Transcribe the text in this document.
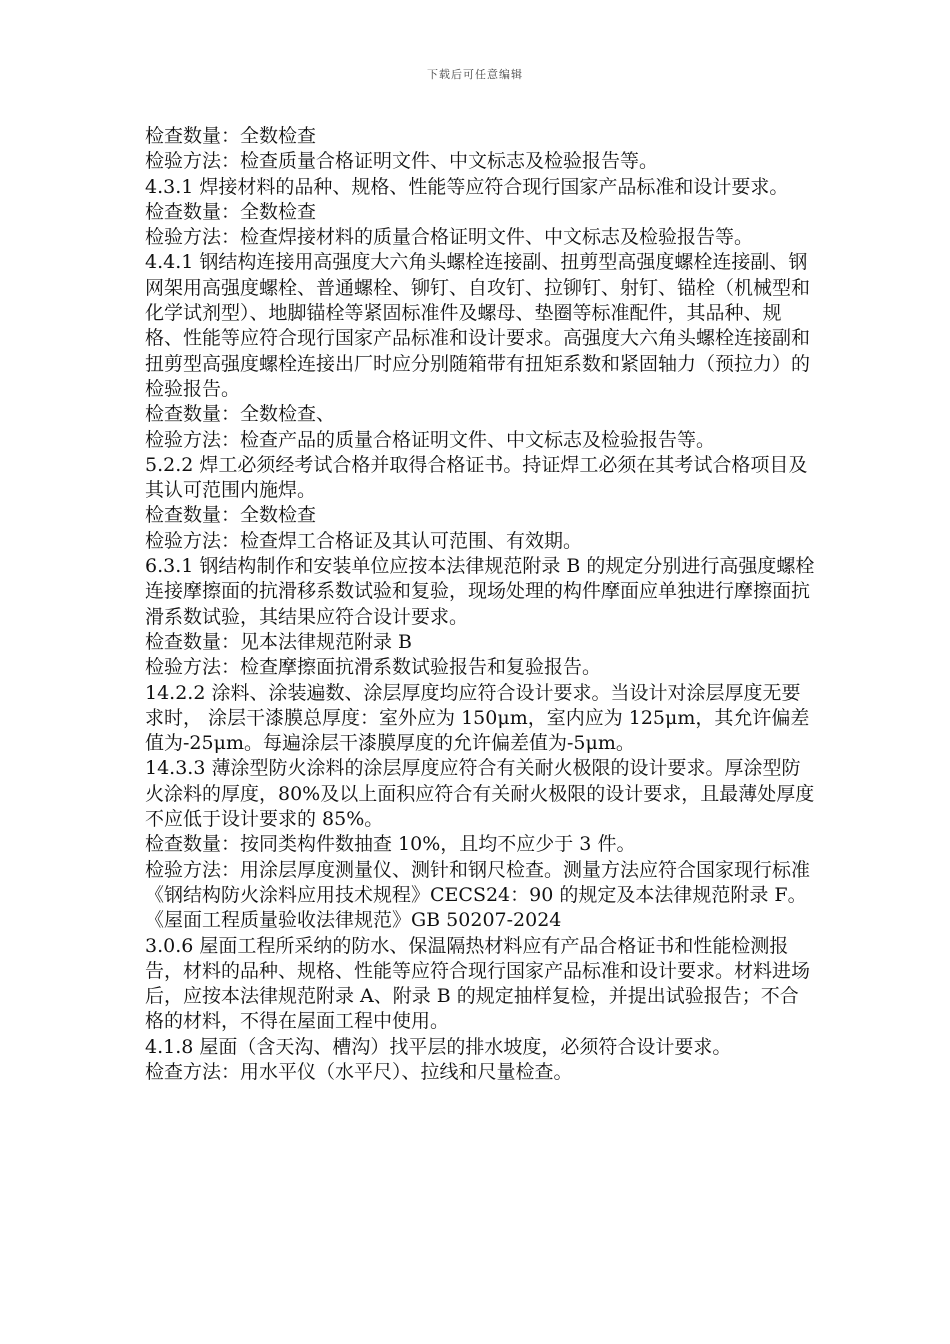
下载后可任意编辑

检查数量：全数检查

检验方法：检查质量合格证明文件、中文标志及检验报告等。

4.3.1 焊接材料的品种、规格、性能等应符合现行国家产品标准和设计要求。

检查数量：全数检查

检验方法：检查焊接材料的质量合格证明文件、中文标志及检验报告等。

4.4.1 钢结构连接用高强度大六角头螺栓连接副、扭剪型高强度螺栓连接副、钢网架用高强度螺栓、普通螺栓、铆钉、自攻钉、拉铆钉、射钉、锚栓（机械型和化学试剂型）、地脚锚栓等紧固标准件及螺母、垫圈等标准配件，其品种、规格、性能等应符合现行国家产品标准和设计要求。高强度大六角头螺栓连接副和扭剪型高强度螺栓连接出厂时应分别随箱带有扭矩系数和紧固轴力（预拉力）的检验报告。

检查数量：全数检查、

检验方法：检查产品的质量合格证明文件、中文标志及检验报告等。

5.2.2 焊工必须经考试合格并取得合格证书。持证焊工必须在其考试合格项目及其认可范围内施焊。

检查数量：全数检查

检验方法：检查焊工合格证及其认可范围、有效期。

6.3.1 钢结构制作和安装单位应按本法律规范附录 B 的规定分别进行高强度螺栓连接摩擦面的抗滑移系数试验和复验，现场处理的构件摩面应单独进行摩擦面抗滑系数试验，其结果应符合设计要求。

检查数量：见本法律规范附录 B

检验方法：检查摩擦面抗滑系数试验报告和复验报告。

14.2.2 涂料、涂装遍数、涂层厚度均应符合设计要求。当设计对涂层厚度无要求时， 涂层干漆膜总厚度：室外应为 150μm，室内应为 125μm，其允许偏差值为-25μm。每遍涂层干漆膜厚度的允许偏差值为-5μm。

14.3.3 薄涂型防火涂料的涂层厚度应符合有关耐火极限的设计要求。厚涂型防火涂料的厚度，80%及以上面积应符合有关耐火极限的设计要求，且最薄处厚度不应低于设计要求的 85%。

检查数量：按同类构件数抽查 10%，且均不应少于 3 件。

检验方法：用涂层厚度测量仪、测针和钢尺检查。测量方法应符合国家现行标准《钢结构防火涂料应用技术规程》CECS24：90 的规定及本法律规范附录 F。

《屋面工程质量验收法律规范》GB 50207-2024

3.0.6 屋面工程所采纳的防水、保温隔热材料应有产品合格证书和性能检测报告，材料的品种、规格、性能等应符合现行国家产品标准和设计要求。材料进场后，应按本法律规范附录 A、附录 B 的规定抽样复检，并提出试验报告；不合格的材料，不得在屋面工程中使用。

4.1.8 屋面（含天沟、槽沟）找平层的排水坡度，必须符合设计要求。

检查方法：用水平仪（水平尺）、拉线和尺量检查。
